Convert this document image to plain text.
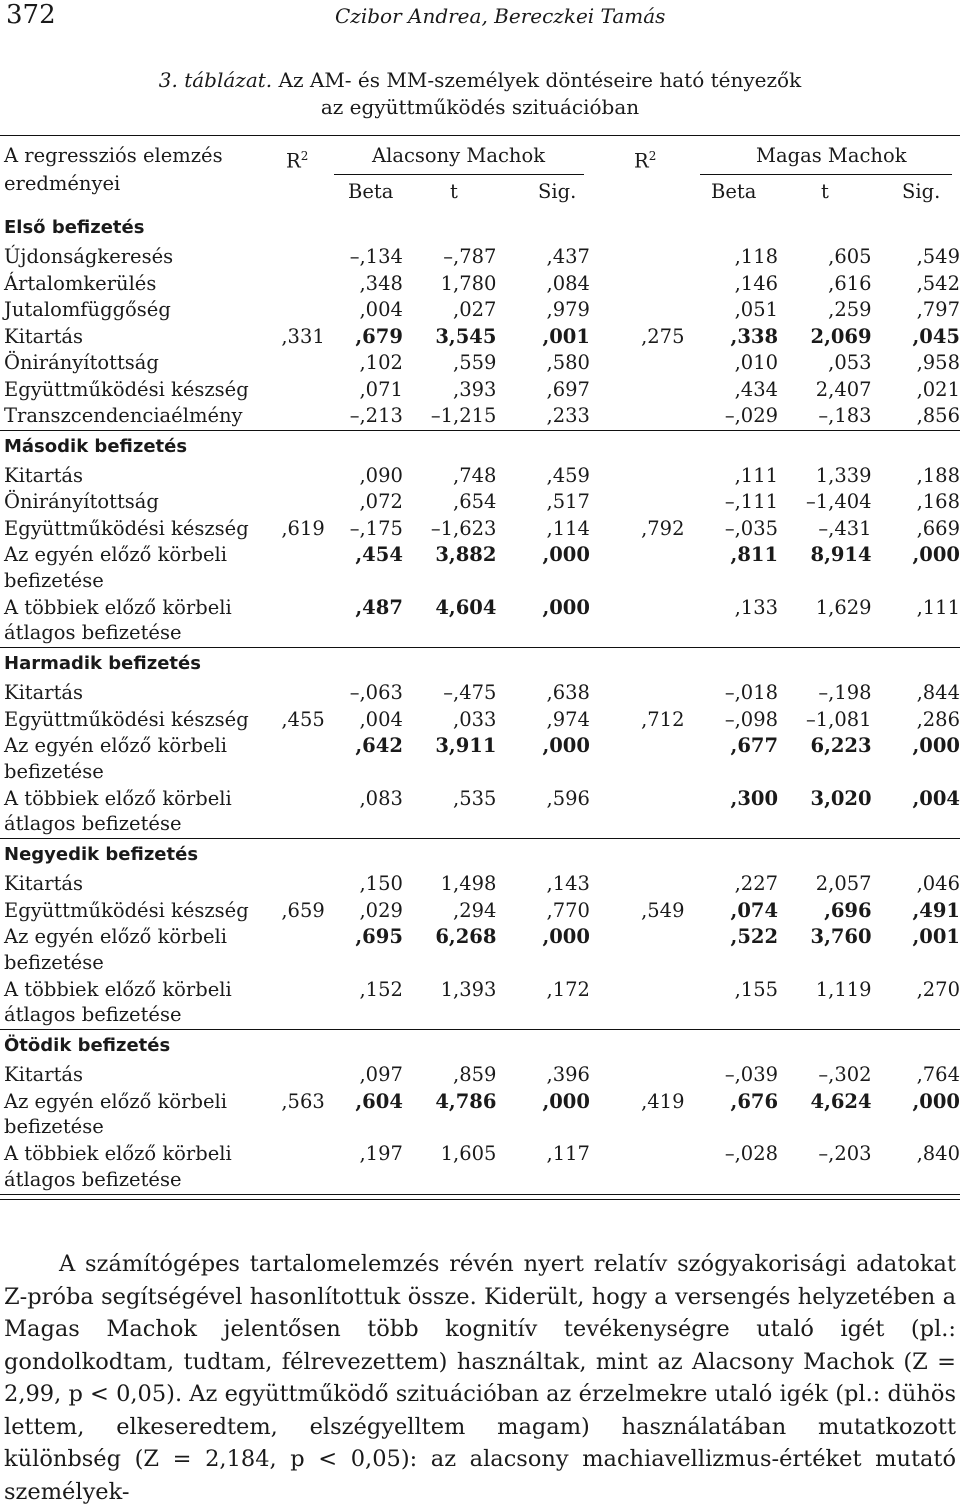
372	Czibor Andrea, Bereczkei Tamás
3. táblázat. Az AM- és MM-személyek döntéseire ható tényezők
az együttműködés szituációban
A regressziós elemzés
eredményei
$R^2$	Alacsony Machok	$R^2$	Magas Machok
Beta	t	Sig.	Beta	t	Sig.
Első befizetés								
Újdonságkeresés		–,134	–,787	,437		,118	,605	,549
Ártalomkerülés		,348	1,780	,084		,146	,616	,542
Jutalomfüggőség		,004	,027	,979		,051	,259	,797
Kitartás	,331	,679	3,545	,001	,275	,338	2,069	,045
Önirányítottság		,102	,559	,580		,010	,053	,958
Együttműködési készség		,071	,393	,697		,434	2,407	,021
Transzcendenciaélmény		–,213	–1,215	,233		–,029	–,183	,856
Második befizetés								
Kitartás		,090	,748	,459		,111	1,339	,188
Önirányítottság		,072	,654	,517		–,111	–1,404	,168
Együttműködési készség	,619	–,175	–1,623	,114	,792	–,035	–,431	,669
Az egyén előző körbeli		,454	3,882	,000		,811	8,914	,000
befizetése								
A többiek előző körbeli		,487	4,604	,000		,133	1,629	,111
átlagos befizetése								
Harmadik befizetés								
Kitartás		–,063	–,475	,638		–,018	–,198	,844
Együttműködési készség	,455	,004	,033	,974	,712	–,098	–1,081	,286
Az egyén előző körbeli		,642	3,911	,000		,677	6,223	,000
befizetése								
A többiek előző körbeli		,083	,535	,596		,300	3,020	,004
átlagos befizetése								
Negyedik befizetés								
Kitartás		,150	1,498	,143		,227	2,057	,046
Együttműködési készség	,659	,029	,294	,770	,549	,074	,696	,491
Az egyén előző körbeli		,695	6,268	,000		,522	3,760	,001
befizetése								
A többiek előző körbeli		,152	1,393	,172		,155	1,119	,270
átlagos befizetése								
Ötödik befizetés								
Kitartás		,097	,859	,396		–,039	–,302	,764
Az egyén előző körbeli	,563	,604	4,786	,000	,419	,676	4,624	,000
befizetése								
A többiek előző körbeli		,197	1,605	,117		–,028	–,203	,840
átlagos befizetése								

A számítógépes tartalomelemzés révén nyert relatív szógyakorisági adatokat Z-próba segítségével hasonlítottuk össze. Kiderült, hogy a versengés helyzetében a Magas Machok jelentősen több kognitív tevékenységre utaló igét (pl.: gondolkodtam, tudtam, félrevezettem) használtak, mint az Alacsony Machok (Z = 2,99, p < 0,05). Az együttműködő szituációban az érzelmekre utaló igék (pl.: dühös lettem, elkeseredtem, elszégyelltem magam) használatában mutatkozott különbség (Z = 2,184, p < 0,05): az alacsony machiavellizmus-értéket mutató személyek-
